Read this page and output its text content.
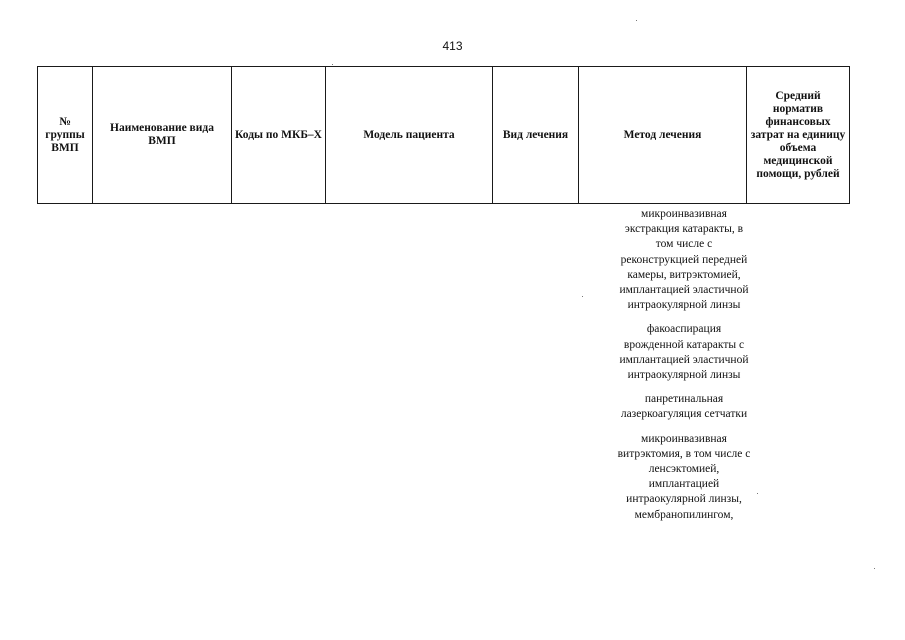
413
№ группы ВМП	Наименование вида ВМП	Коды по МКБ–Х	Модель пациента	Вид лечения	Метод лечения	Средний норматив финансовых затрат на единицу объема медицинской помощи, рублей

микроинвазивная экстракция катаракты, в том числе с реконструкцией передней камеры, витрэктомией, имплантацией эластичной интраокулярной линзы

факоаспирация врожденной катаракты с имплантацией эластичной интраокулярной линзы

панретинальная лазеркоагуляция сетчатки

микроинвазивная витрэктомия, в том числе с ленсэктомией, имплантацией интраокулярной линзы, мембранопилингом,
